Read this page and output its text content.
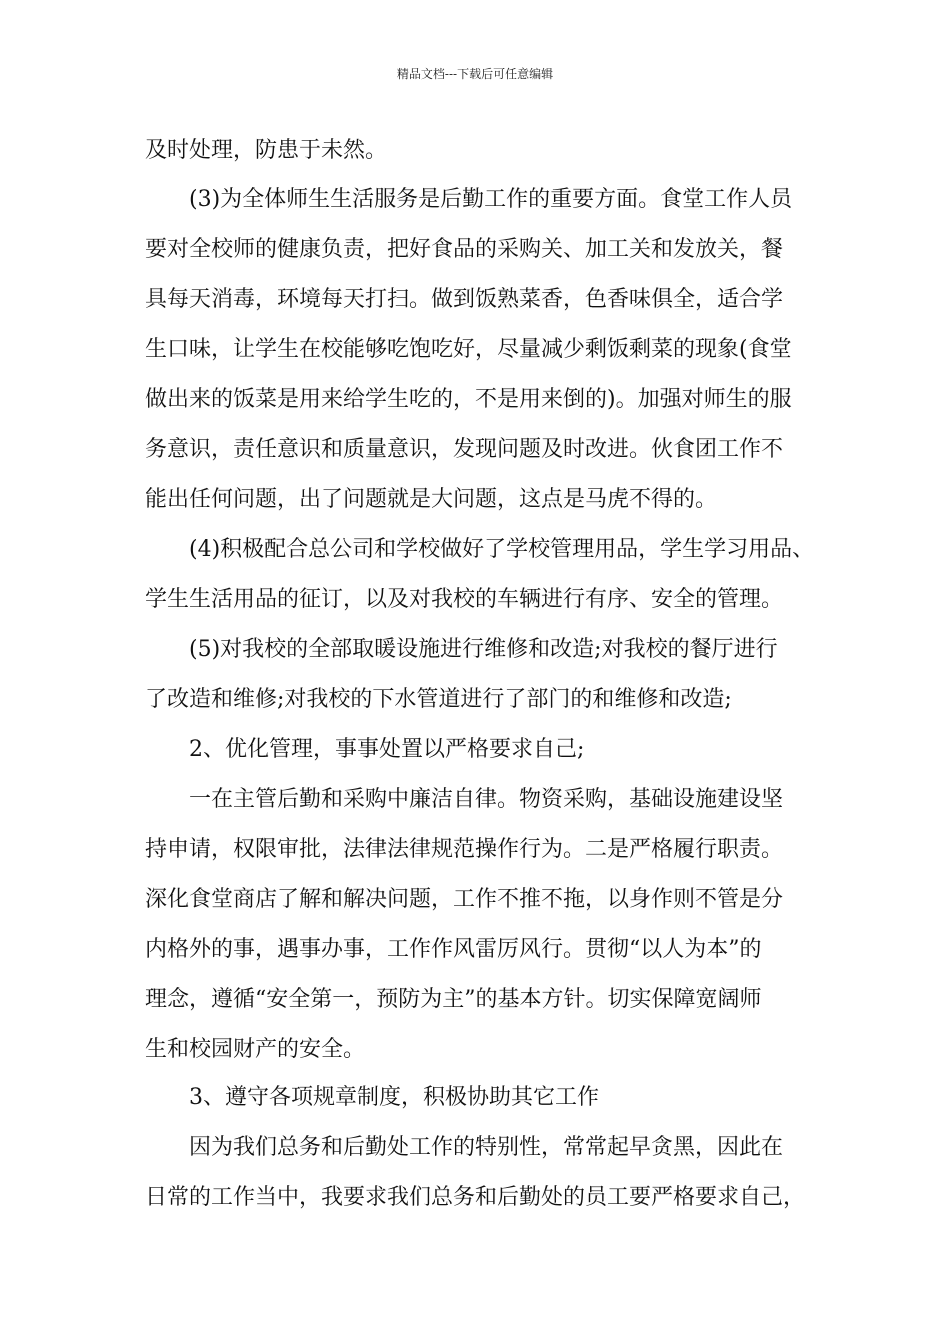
精品文档---下载后可任意编辑
及时处理，防患于未然。
(3)为全体师生生活服务是后勤工作的重要方面。食堂工作人员
要对全校师的健康负责，把好食品的采购关、加工关和发放关，餐
具每天消毒，环境每天打扫。做到饭熟菜香，色香味俱全，适合学
生口味，让学生在校能够吃饱吃好，尽量减少剩饭剩菜的现象(食堂
做出来的饭菜是用来给学生吃的，不是用来倒的)。加强对师生的服
务意识，责任意识和质量意识，发现问题及时改进。伙食团工作不
能出任何问题，出了问题就是大问题，这点是马虎不得的。
(4)积极配合总公司和学校做好了学校管理用品，学生学习用品、
学生生活用品的征订，以及对我校的车辆进行有序、安全的管理。
(5)对我校的全部取暖设施进行维修和改造;对我校的餐厅进行
了改造和维修;对我校的下水管道进行了部门的和维修和改造;
2、优化管理，事事处置以严格要求自己;
一在主管后勤和采购中廉洁自律。物资采购，基础设施建设坚
持申请，权限审批，法律法律规范操作行为。二是严格履行职责。
深化食堂商店了解和解决问题，工作不推不拖，以身作则不管是分
内格外的事，遇事办事，工作作风雷厉风行。贯彻“以人为本”的
理念，遵循“安全第一，预防为主”的基本方针。切实保障宽阔师
生和校园财产的安全。
3、遵守各项规章制度，积极协助其它工作
因为我们总务和后勤处工作的特别性，常常起早贪黑，因此在
日常的工作当中，我要求我们总务和后勤处的员工要严格要求自己，
